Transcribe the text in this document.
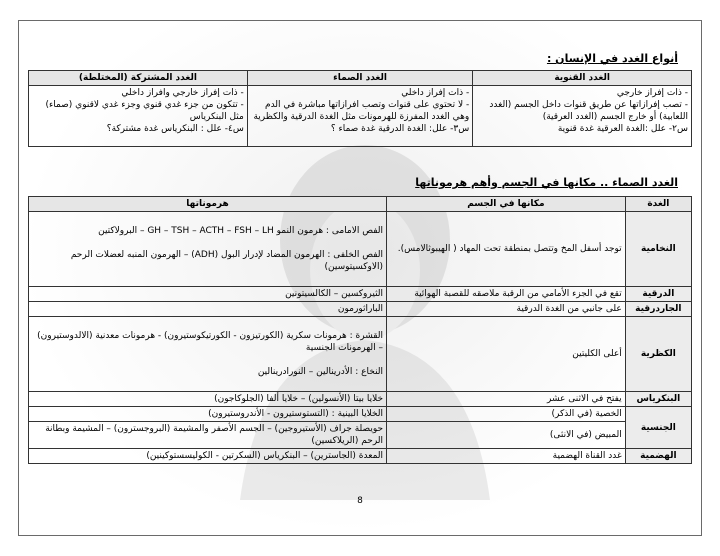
أنواع الغدد في الإنسان :
الغدد القنوية	الغدد الصماء	الغدد المشتركة (المختلطة)
- ذات إفراز خارجي
- تصب إفرازاتها عن طريق قنوات داخل الجسم (الغدد اللعابية) أو خارج الجسم (الغدد العرقية)
س٢- علل :الغدة العرقية غدة قنوية	- ذات إفراز داخلي
- لا تحتوي على قنوات وتصب افرازاتها مباشرة في الدم وهي الغدد المفرزة للهرمونات مثل الغدة الدرقية والكظرية
س٣- علل: الغدة الدرقية غدة صماء ؟	- ذات إفراز خارجي وافراز داخلي
- تتكون من جزء غدي قنوي وجزء غدي لاقنوي (صماء) مثل البنكرياس
س٤- علل : البنكرياس غدة مشتركة؟
الغدد الصماء .. مكانها في الجسم وأهم هرموناتها
الغدة	مكانها في الجسم	هرموناتها
النخامية	توجد أسفل المخ وتتصل بمنطقة تحت المهاد ( الهيبوثالامس).	الفص الامامى : هرمون النمو GH – TSH – ACTH – FSH – LH – البرولاكتين

الفص الخلفى : الهرمون المضاد لإدرار البول (ADH) – الهرمون المنبه لعضلات الرحم (الاوكسيتوسين)

الدرقية	تقع في الجزء الأمامي من الرقبة ملاصقه للقصبة الهوائية	الثيروكسين – الكالسيتونين
الجاردرقية	على جانبي من الغدة الدرقية	الباراثورمون
الكظرية	أعلى الكليتين	القشرة : هرمونات سكرية (الكورتيزون - الكورتيكوستيرون) - هرمونات معدنية (الالدوستيرون) – الهرمونات الجنسية

النخاع : الأدرينالين – النورادرينالين

البنكرياس	يفتح في الاثنى عشر	خلايا بيتا (الأنسولين) – خلايا ألفا (الجلوكاجون)
الجنسية	الخصية (في الذكر)	الخلايا البينية : (التستوستيرون - الأندروستيرون)
	المبيض (في الانثى)	حويصلة جراف (الأستيروجين) – الجسم الأصفر والمشيمة (البروجسترون) – المشيمة وبطانة الرحم (الريلاكسين)
الهضمية	غدد القناة الهضمية	المعدة (الجاسترين) – البنكرياس (السكرتين - الكوليسستوكينين)
8
